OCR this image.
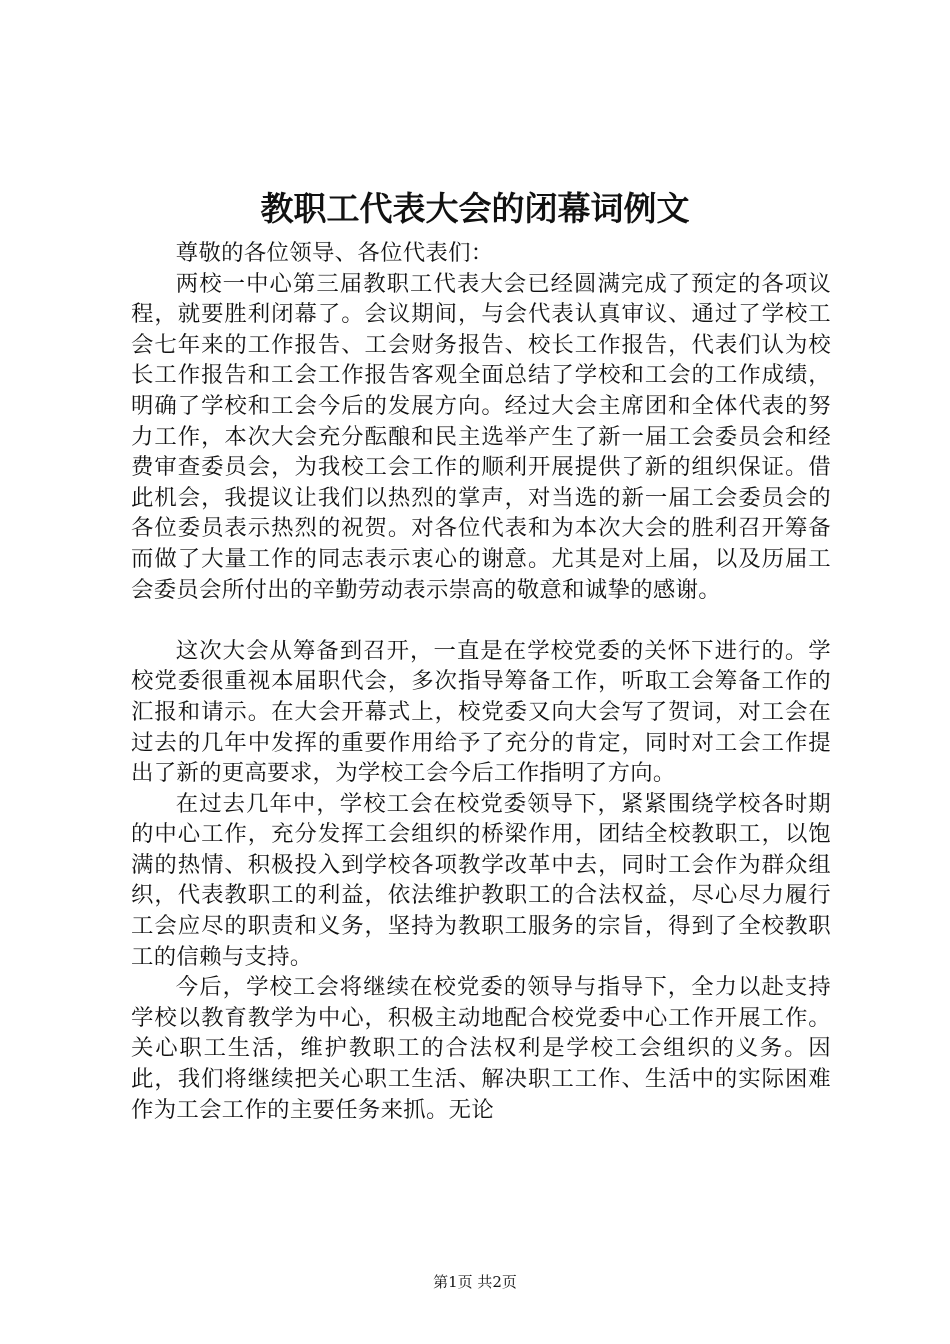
教职工代表大会的闭幕词例文

尊敬的各位领导、各位代表们：

两校一中心第三届教职工代表大会已经圆满完成了预定的各项议程，就要胜利闭幕了。会议期间，与会代表认真审议、通过了学校工会七年来的工作报告、工会财务报告、校长工作报告，代表们认为校长工作报告和工会工作报告客观全面总结了学校和工会的工作成绩，明确了学校和工会今后的发展方向。经过大会主席团和全体代表的努力工作，本次大会充分酝酿和民主选举产生了新一届工会委员会和经费审查委员会，为我校工会工作的顺利开展提供了新的组织保证。借此机会，我提议让我们以热烈的掌声，对当选的新一届工会委员会的各位委员表示热烈的祝贺。对各位代表和为本次大会的胜利召开筹备而做了大量工作的同志表示衷心的谢意。尤其是对上届，以及历届工会委员会所付出的辛勤劳动表示崇高的敬意和诚挚的感谢。

这次大会从筹备到召开，一直是在学校党委的关怀下进行的。学校党委很重视本届职代会，多次指导筹备工作，听取工会筹备工作的汇报和请示。在大会开幕式上，校党委又向大会写了贺词，对工会在过去的几年中发挥的重要作用给予了充分的肯定，同时对工会工作提出了新的更高要求，为学校工会今后工作指明了方向。

在过去几年中，学校工会在校党委领导下，紧紧围绕学校各时期的中心工作，充分发挥工会组织的桥梁作用，团结全校教职工，以饱满的热情、积极投入到学校各项教学改革中去，同时工会作为群众组织，代表教职工的利益，依法维护教职工的合法权益，尽心尽力履行工会应尽的职责和义务，坚持为教职工服务的宗旨，得到了全校教职工的信赖与支持。

今后，学校工会将继续在校党委的领导与指导下，全力以赴支持学校以教育教学为中心，积极主动地配合校党委中心工作开展工作。关心职工生活，维护教职工的合法权利是学校工会组织的义务。因此，我们将继续把关心职工生活、解决职工工作、生活中的实际困难作为工会工作的主要任务来抓。无论

第1页 共2页
